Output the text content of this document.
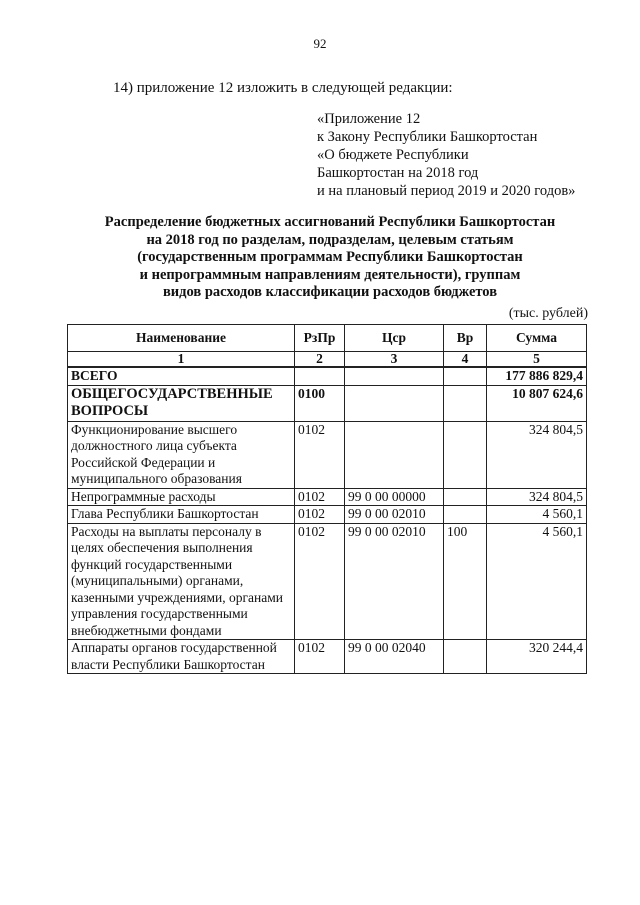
92
14) приложение 12 изложить в следующей редакции:
«Приложение 12
к Закону Республики Башкортостан
«О бюджете Республики
Башкортостан на 2018 год
и на плановый период 2019 и 2020 годов»
Распределение бюджетных ассигнований Республики Башкортостан
на 2018 год по разделам, подразделам, целевым статьям
(государственным программам Республики Башкортостан
и непрограммным направлениям деятельности), группам
видов расходов классификации расходов бюджетов
(тыс. рублей)
Наименование	РзПр	Цср	Вр	Сумма
1	2	3	4	5
ВСЕГО				177 886 829,4
ОБЩЕГОСУДАРСТВЕННЫЕ ВОПРОСЫ	0100			10 807 624,6
Функционирование высшего должностного лица субъекта Российской Федерации и муниципального образования	0102			324 804,5
Непрограммные расходы	0102	99 0 00 00000		324 804,5
Глава Республики Башкортостан	0102	99 0 00 02010		4 560,1
Расходы на выплаты персоналу в целях обеспечения выполнения функций государственными (муниципальными) органами, казенными учреждениями, органами управления государственными внебюджетными фондами	0102	99 0 00 02010	100	4 560,1
Аппараты органов государственной власти Республики Башкортостан	0102	99 0 00 02040		320 244,4
